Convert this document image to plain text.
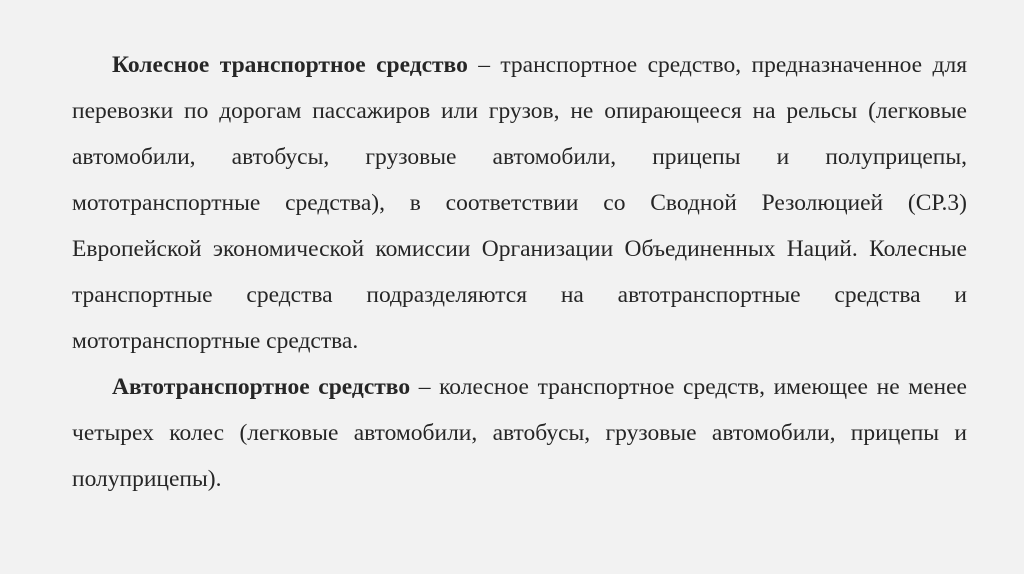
Колесное транспортное средство – транспортное средство, предназначенное для перевозки по дорогам пассажиров или грузов, не опирающееся на рельсы (легковые автомобили, автобусы, грузовые автомобили, прицепы и полуприцепы, мототранспортные средства), в соответствии со Сводной Резолюцией (СР.3) Европейской экономической комиссии Организации Объединенных Наций. Колесные транспортные средства подразделяются на автотранспортные средства и мототранспортные средства.

Автотранспортное средство – колесное транспортное средств, имеющее не менее четырех колес (легковые автомобили, автобусы, грузовые автомобили, прицепы и полуприцепы).
